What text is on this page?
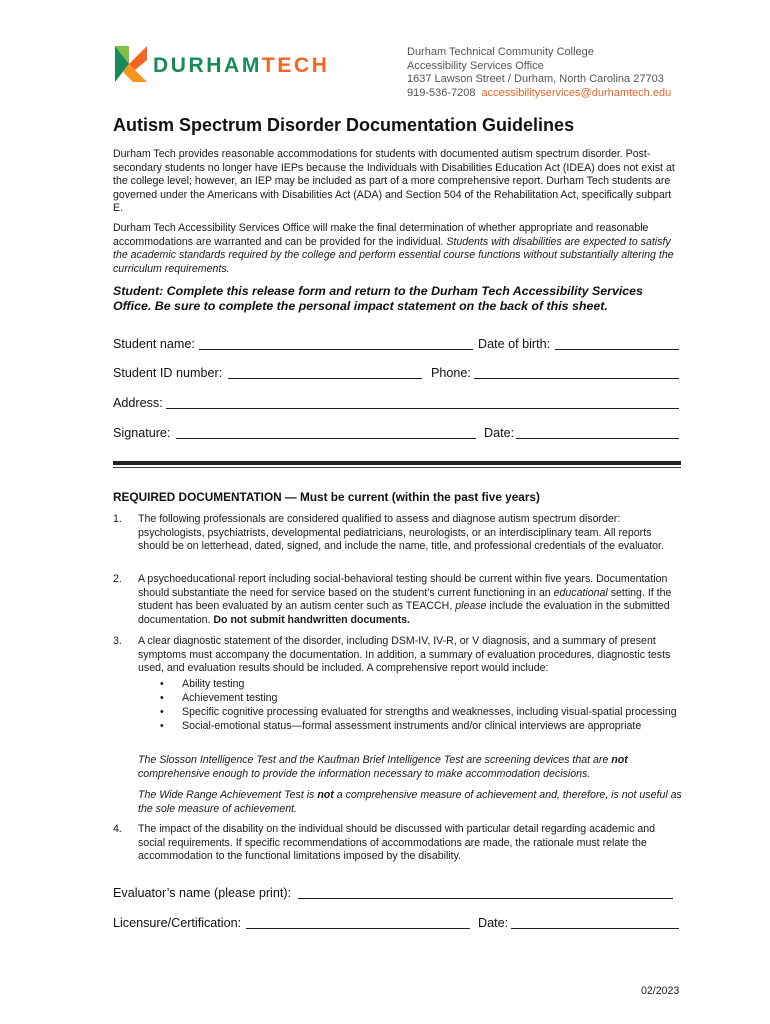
DURHAMTECH
Durham Technical Community College
Accessibility Services Office
1637 Lawson Street / Durham, North Carolina 27703
919-536-7208 accessibilityservices@durhamtech.edu
Autism Spectrum Disorder Documentation Guidelines
Durham Tech provides reasonable accommodations for students with documented autism spectrum disorder. Post-secondary students no longer have IEPs because the Individuals with Disabilities Education Act (IDEA) does not exist at the college level; however, an IEP may be included as part of a more comprehensive report. Durham Tech students are governed under the Americans with Disabilities Act (ADA) and Section 504 of the Rehabilitation Act, specifically subpart E.
Durham Tech Accessibility Services Office will make the final determination of whether appropriate and reasonable accommodations are warranted and can be provided for the individual. Students with disabilities are expected to satisfy the academic standards required by the college and perform essential course functions without substantially altering the curriculum requirements.
Student: Complete this release form and return to the Durham Tech Accessibility Services Office. Be sure to complete the personal impact statement on the back of this sheet.
Student name:	Date of birth:
Student ID number:	Phone:
Address:
Signature:	Date:
REQUIRED DOCUMENTATION — Must be current (within the past five years)
1. The following professionals are considered qualified to assess and diagnose autism spectrum disorder: psychologists, psychiatrists, developmental pediatricians, neurologists, or an interdisciplinary team. All reports should be on letterhead, dated, signed, and include the name, title, and professional credentials of the evaluator.
2. A psychoeducational report including social-behavioral testing should be current within five years. Documentation should substantiate the need for service based on the student’s current functioning in an educational setting. If the student has been evaluated by an autism center such as TEACCH, please include the evaluation in the submitted documentation. Do not submit handwritten documents.
3. A clear diagnostic statement of the disorder, including DSM-IV, IV-R, or V diagnosis, and a summary of present symptoms must accompany the documentation. In addition, a summary of evaluation procedures, diagnostic tests used, and evaluation results should be included. A comprehensive report would include:
• Ability testing
• Achievement testing
• Specific cognitive processing evaluated for strengths and weaknesses, including visual-spatial processing
• Social-emotional status—formal assessment instruments and/or clinical interviews are appropriate
The Slosson Intelligence Test and the Kaufman Brief Intelligence Test are screening devices that are not comprehensive enough to provide the information necessary to make accommodation decisions.
The Wide Range Achievement Test is not a comprehensive measure of achievement and, therefore, is not useful as the sole measure of achievement.
4. The impact of the disability on the individual should be discussed with particular detail regarding academic and social requirements. If specific recommendations of accommodations are made, the rationale must relate the accommodation to the functional limitations imposed by the disability.
Evaluator’s name (please print):
Licensure/Certification:	Date:
02/2023
